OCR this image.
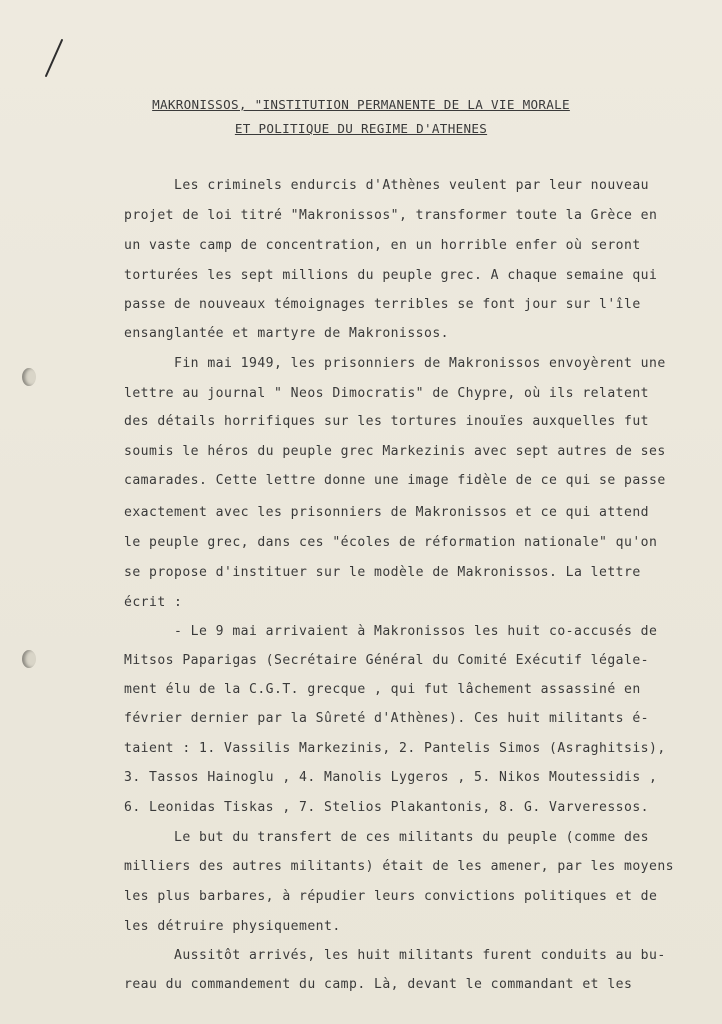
MAKRONISSOS, "INSTITUTION PERMANENTE DE LA VIE MORALE
ET POLITIQUE DU REGIME D'ATHENES
Les criminels endurcis d'Athènes veulent par leur nouveau
projet de loi titré "Makronissos", transformer toute la Grèce en
un vaste camp de concentration, en un horrible enfer où seront
torturées les sept millions du peuple grec. A chaque semaine qui
passe de nouveaux témoignages terribles se font jour sur l'île
ensanglantée et martyre de Makronissos.
Fin mai 1949, les prisonniers de Makronissos envoyèrent une
lettre au journal " Neos Dimocratis" de Chypre, où ils relatent
des détails horrifiques sur les tortures inouïes auxquelles fut
soumis le héros du peuple grec Markezinis avec sept autres de ses
camarades. Cette lettre donne une image fidèle de ce qui se passe
exactement avec les prisonniers de Makronissos et ce qui attend
le peuple grec, dans ces "écoles de réformation nationale" qu'on
se propose d'instituer sur le modèle de Makronissos. La lettre
écrit :
- Le 9 mai arrivaient à Makronissos les huit co-accusés de
Mitsos Paparigas (Secrétaire Général du Comité Exécutif légale-
ment élu de la C.G.T. grecque , qui fut lâchement assassiné en
février dernier par la Sûreté d'Athènes). Ces huit militants é-
taient : 1. Vassilis Markezinis, 2. Pantelis Simos (Asraghitsis),
3. Tassos Hainoglu , 4. Manolis Lygeros , 5. Nikos Moutessidis ,
6. Leonidas Tiskas , 7. Stelios Plakantonis, 8. G. Varveressos.
Le but du transfert de ces militants du peuple (comme des
milliers des autres militants) était de les amener, par les moyens
les plus barbares, à répudier leurs convictions politiques et de
les détruire physiquement.
Aussitôt arrivés, les huit militants furent conduits au bu-
reau du commandement du camp. Là, devant le commandant et les
